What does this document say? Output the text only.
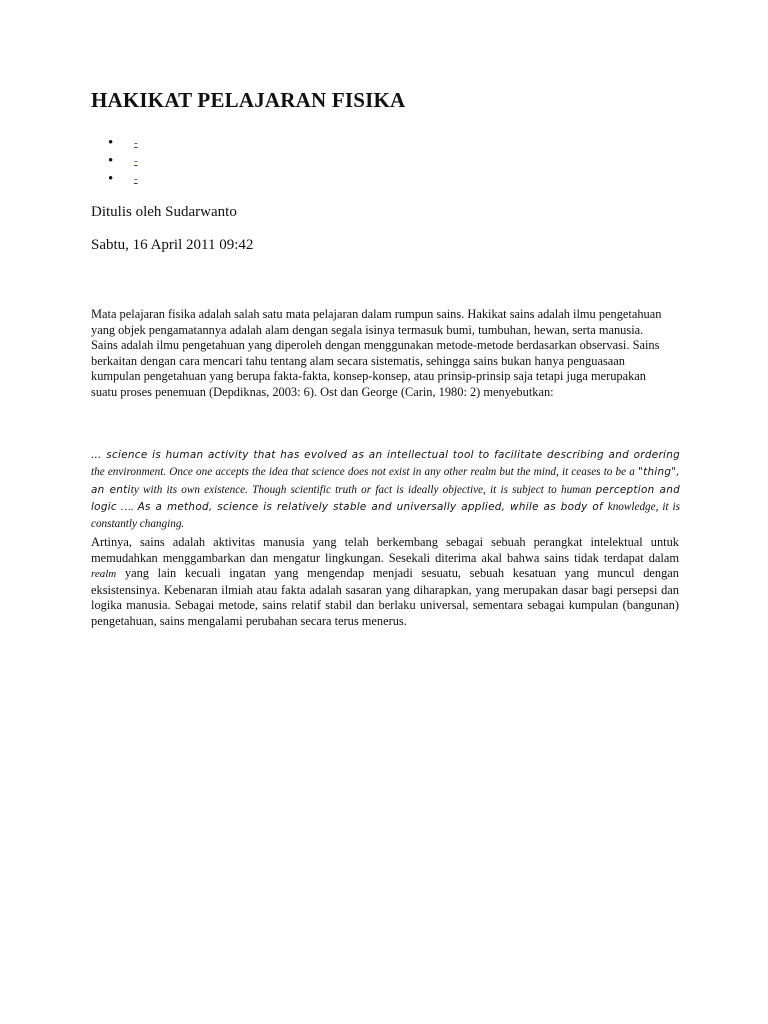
HAKIKAT PELAJARAN FISIKA
• -
• -
• -

Ditulis oleh Sudarwanto

Sabtu, 16 April 2011 09:42

Mata pelajaran fisika adalah salah satu mata pelajaran dalam rumpun sains. Hakikat sains adalah ilmu pengetahuan
yang objek pengamatannya adalah alam dengan segala isinya termasuk bumi, tumbuhan, hewan, serta manusia.
Sains adalah ilmu pengetahuan yang diperoleh dengan menggunakan metode-metode berdasarkan observasi. Sains
berkaitan dengan cara mencari tahu tentang alam secara sistematis, sehingga sains bukan hanya penguasaan
kumpulan pengetahuan yang berupa fakta-fakta, konsep-konsep, atau prinsip-prinsip saja tetapi juga merupakan
suatu proses penemuan (Depdiknas, 2003: 6). Ost dan George (Carin, 1980: 2) menyebutkan:

… science is human activity that has evolved as an intellectual tool to facilitate describing and ordering the environment. Once one accepts the idea that science does not exist in any other realm but the mind, it ceases to be a "thing", an entity with its own existence. Though scientific truth or fact is ideally objective, it is subject to human perception and logic …. As a method, science is relatively stable and universally applied, while as body of knowledge, it is constantly changing.

Artinya, sains adalah aktivitas manusia yang telah berkembang sebagai sebuah perangkat intelektual untuk memudahkan menggambarkan dan mengatur lingkungan. Sesekali diterima akal bahwa sains tidak terdapat dalam realm yang lain kecuali ingatan yang mengendap menjadi sesuatu, sebuah kesatuan yang muncul dengan eksistensinya. Kebenaran ilmiah atau fakta adalah sasaran yang diharapkan, yang merupakan dasar bagi persepsi dan logika manusia. Sebagai metode, sains relatif stabil dan berlaku universal, sementara sebagai kumpulan (bangunan) pengetahuan, sains mengalami perubahan secara terus menerus.
